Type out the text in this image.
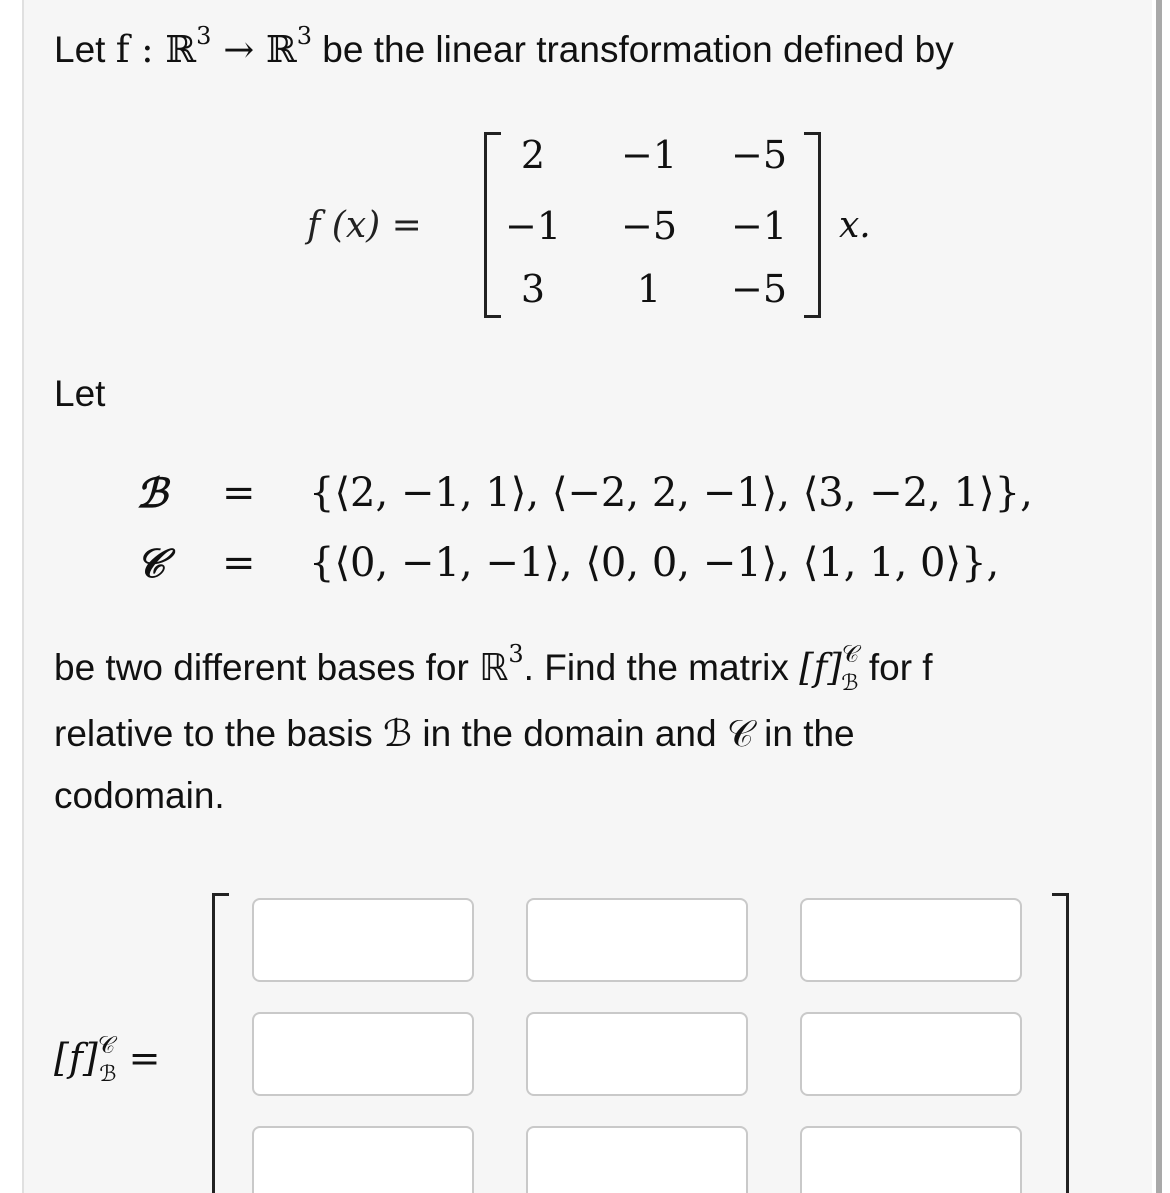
Let f : ℝ$^3$ → ℝ$^3$ be the linear transformation defined by
f (x) =
2	−1	−5
−1	−5	−1
3	1	−5
x.
Let
ℬ = {⟨2, −1, 1⟩, ⟨−2, 2, −1⟩, ⟨3, −2, 1⟩},
𝒞 = {⟨0, −1, −1⟩, ⟨0, 0, −1⟩, ⟨1, 1, 0⟩},
be two different bases for ℝ$^3$. Find the matrix $[f]^𝒞_ℬ$ for f
relative to the basis ℬ in the domain and 𝒞 in the
codomain.
$[f]^𝒞_ℬ$ =
